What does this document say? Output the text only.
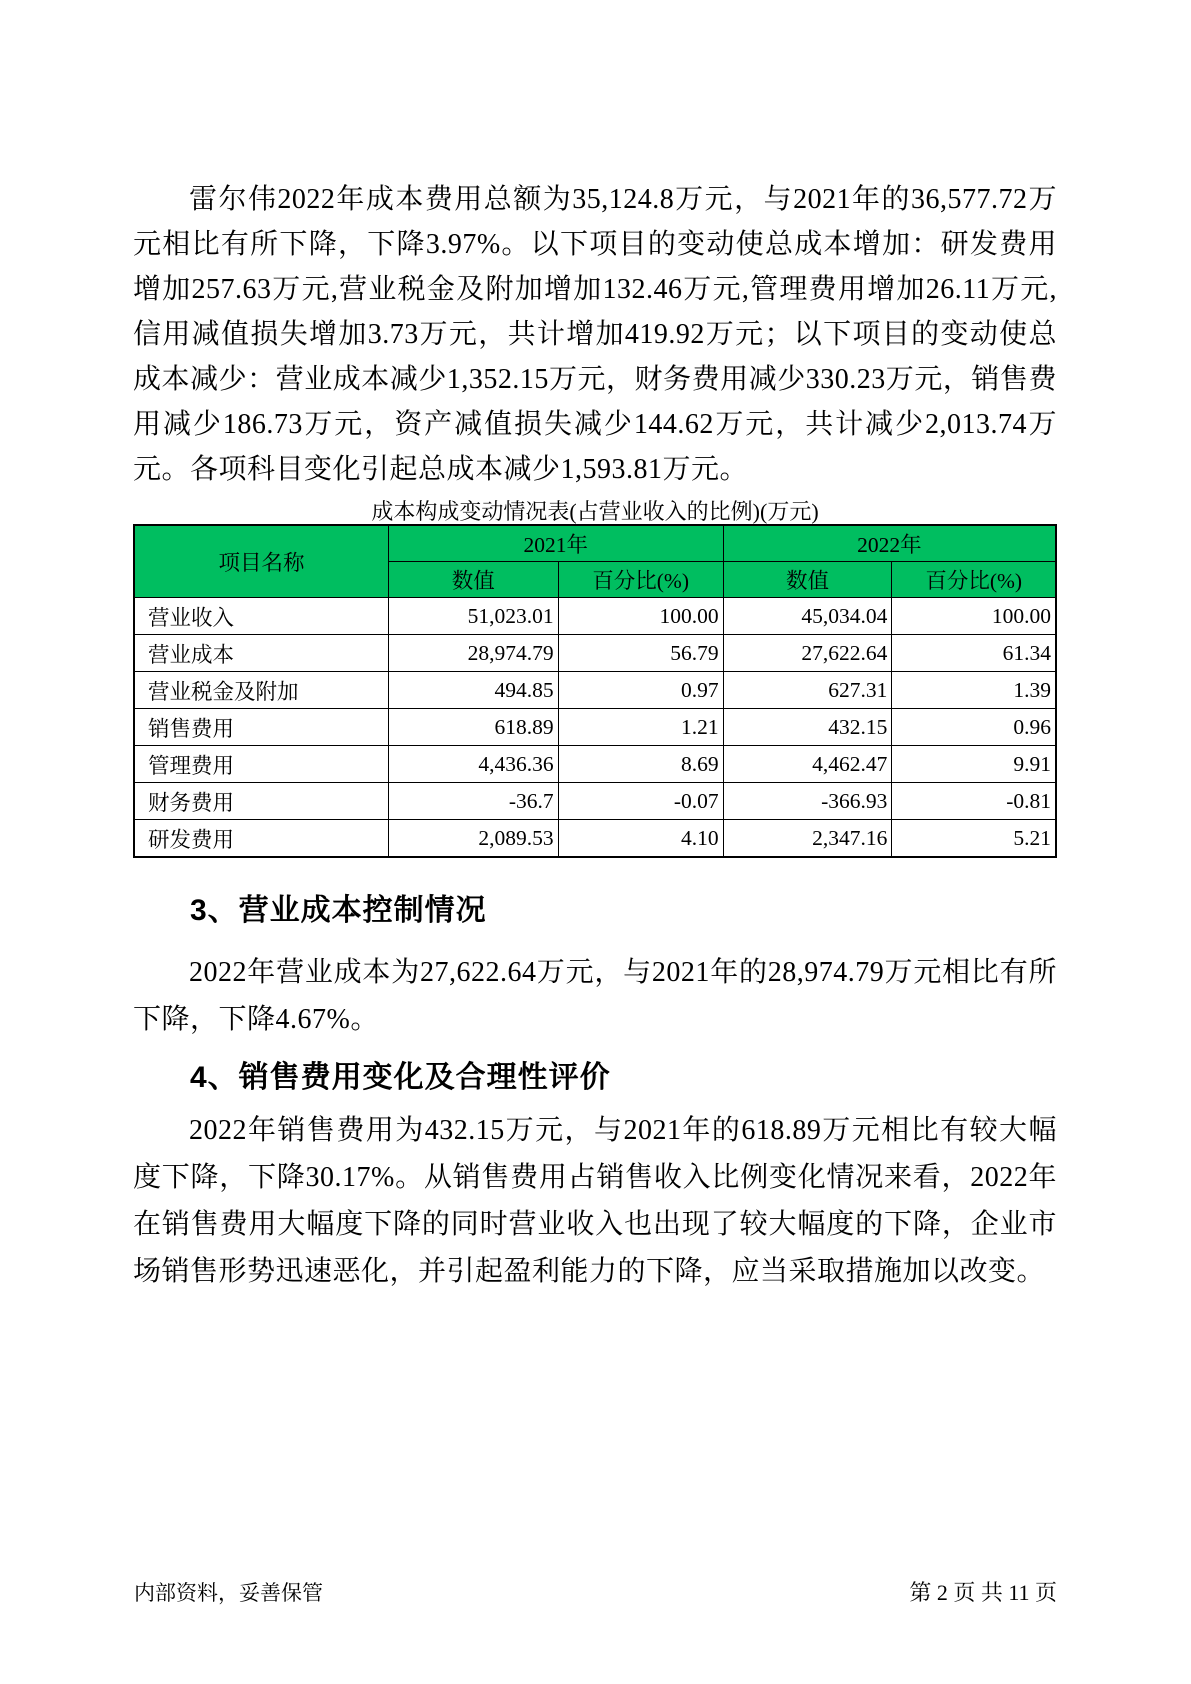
雷尔伟2022年成本费用总额为35,124.8万元，与2021年的36,577.72万元相比有所下降，下降3.97%。以下项目的变动使总成本增加：研发费用增加257.63万元,营业税金及附加增加132.46万元,管理费用增加26.11万元,信用减值损失增加3.73万元，共计增加419.92万元；以下项目的变动使总成本减少：营业成本减少1,352.15万元，财务费用减少330.23万元，销售费用减少186.73万元，资产减值损失减少144.62万元，共计减少2,013.74万元。各项科目变化引起总成本减少1,593.81万元。

成本构成变动情况表(占营业收入的比例)(万元)
项目名称	2021年		2022年	
	数值	百分比(%)	数值	百分比(%)
营业收入	51,023.01	100.00	45,034.04	100.00
营业成本	28,974.79	56.79	27,622.64	61.34
营业税金及附加	494.85	0.97	627.31	1.39
销售费用	618.89	1.21	432.15	0.96
管理费用	4,436.36	8.69	4,462.47	9.91
财务费用	-36.7	-0.07	-366.93	-0.81
研发费用	2,089.53	4.10	2,347.16	5.21
3、营业成本控制情况

2022年营业成本为27,622.64万元，与2021年的28,974.79万元相比有所下降，下降4.67%。

4、销售费用变化及合理性评价

2022年销售费用为432.15万元，与2021年的618.89万元相比有较大幅度下降，下降30.17%。从销售费用占销售收入比例变化情况来看，2022年在销售费用大幅度下降的同时营业收入也出现了较大幅度的下降，企业市场销售形势迅速恶化，并引起盈利能力的下降，应当采取措施加以改变。

内部资料，妥善保管	第 2 页 共 11 页
